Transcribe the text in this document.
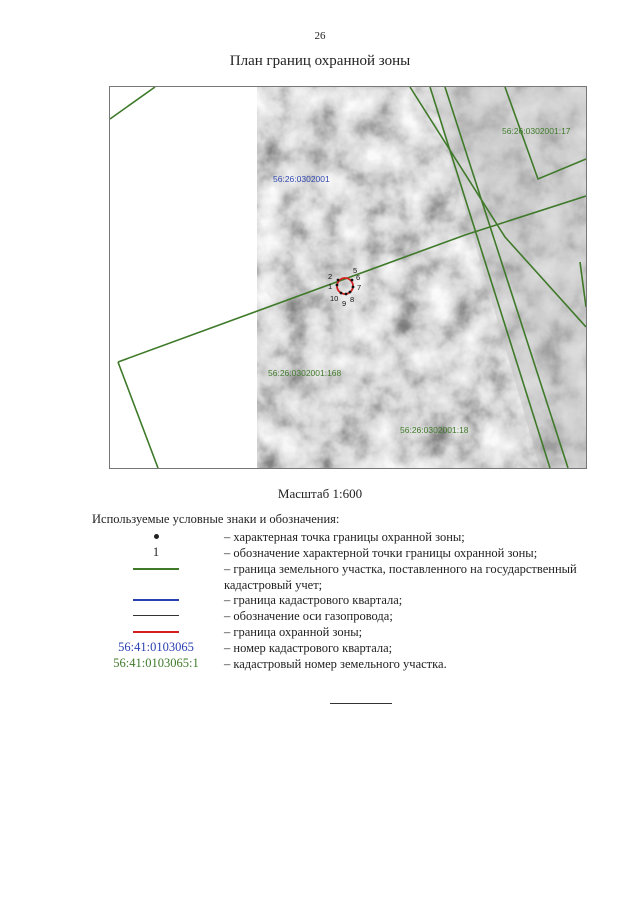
26
План границ охранной зоны
1
2
5
6
7
8
9
10
56:26:0302001
56:26:0302001:17
56:26:0302001:168
56:26:0302001:18
Масштаб 1:600
Используемые условные знаки и обозначения:
– характерная точка границы охранной зоны;
1	– обозначение характерной точки границы охранной зоны;
– граница земельного участка, поставленного на государственный кадастровый учет;
– граница кадастрового квартала;
– обозначение оси газопровода;
– граница охранной зоны;
56:41:0103065 – номер кадастрового квартала;
56:41:0103065:1 – кадастровый номер земельного участка.
